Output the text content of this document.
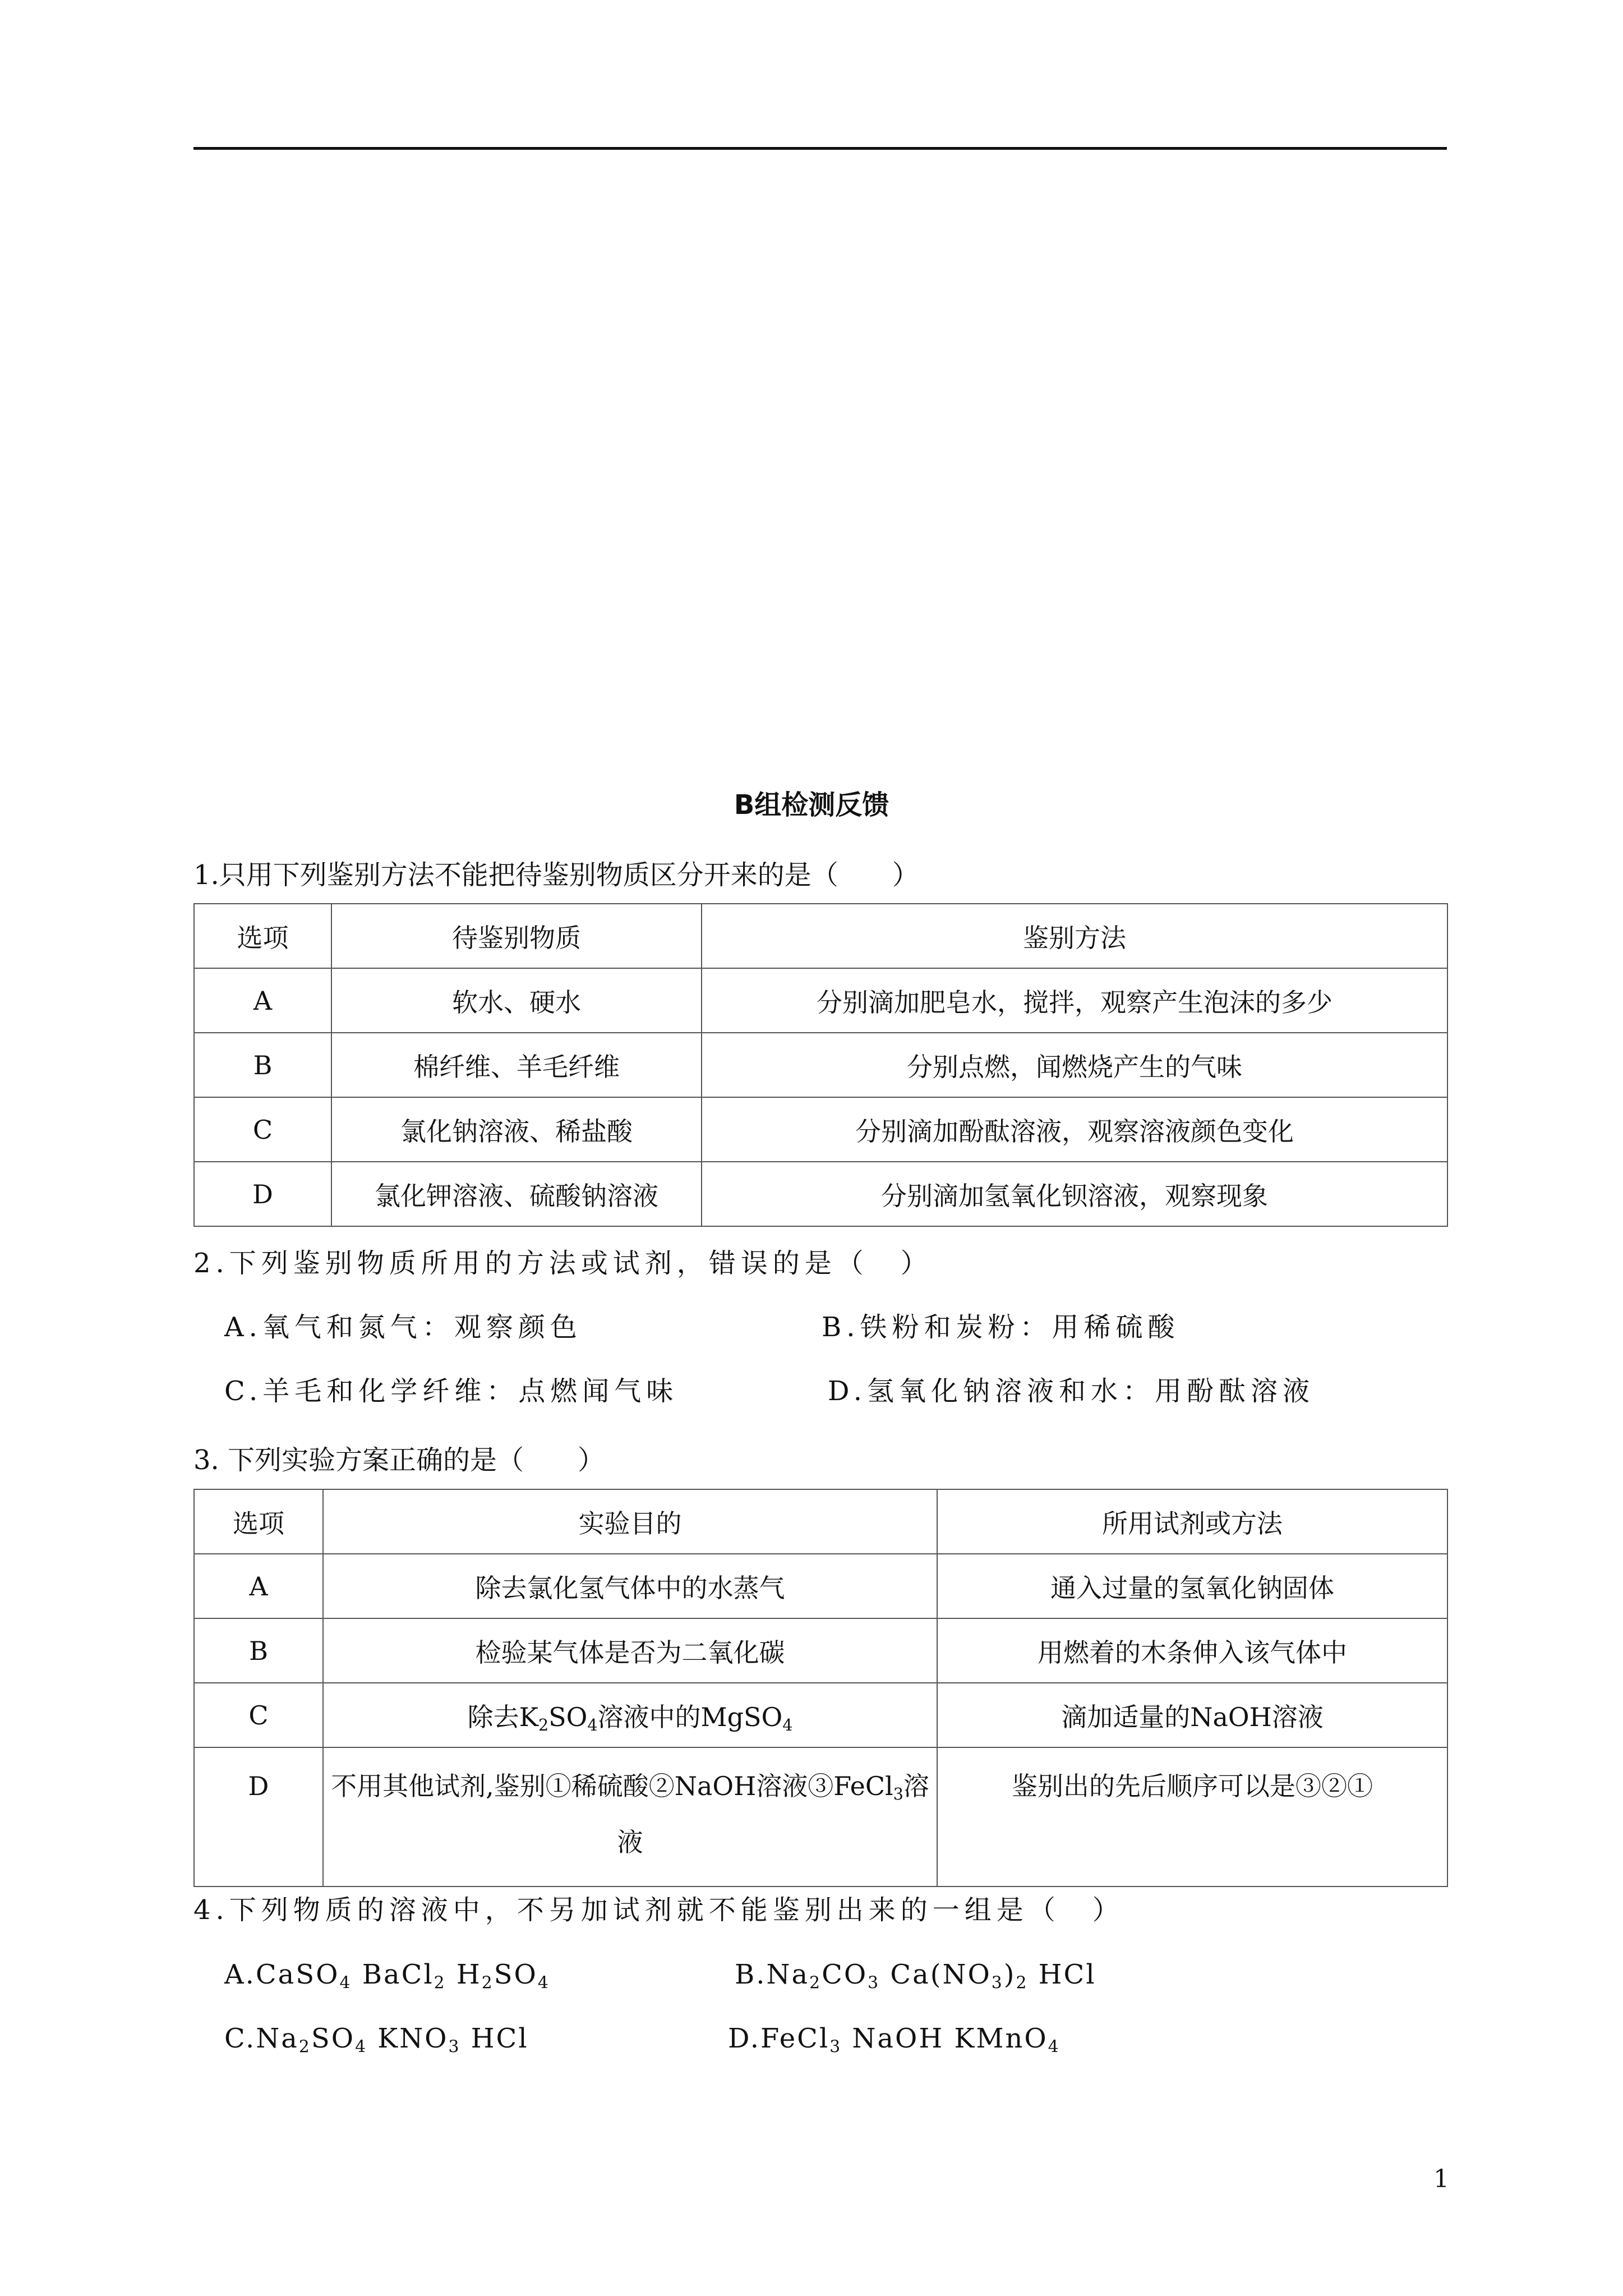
B组检测反馈
1.只用下列鉴别方法不能把待鉴别物质区分开来的是（　　）
选项	待鉴别物质	鉴别方法
A	软水、硬水	分别滴加肥皂水，搅拌，观察产生泡沫的多少
B	棉纤维、羊毛纤维	分别点燃，闻燃烧产生的气味
C	氯化钠溶液、稀盐酸	分别滴加酚酞溶液，观察溶液颜色变化
D	氯化钾溶液、硫酸钠溶液	分别滴加氢氧化钡溶液，观察现象
2.下列鉴别物质所用的方法或试剂，错误的是（　）
A.氧气和氮气：观察颜色	B.铁粉和炭粉：用稀硫酸
C.羊毛和化学纤维：点燃闻气味	D.氢氧化钠溶液和水：用酚酞溶液
3. 下列实验方案正确的是（　　）
选项	实验目的	所用试剂或方法
A	除去氯化氢气体中的水蒸气	通入过量的氢氧化钠固体
B	检验某气体是否为二氧化碳	用燃着的木条伸入该气体中
C	除去$K_2SO_4$溶液中的MgSO$_4$	滴加适量的NaOH溶液
D	不用其他试剂,鉴别①稀硫酸②NaOH溶液③FeCl$_3$溶液	鉴别出的先后顺序可以是③②①
4.下列物质的溶液中，不另加试剂就不能鉴别出来的一组是（　）
A.CaSO$_4$ BaCl$_2$ $H_2SO_4$	$B.Na_2CO_3$ $Ca(NO_3)_2$ HCl
$C.Na_2SO_4$ $KNO_3$ HCl	D.FeCl$_3$ NaOH KMnO$_4$
1
